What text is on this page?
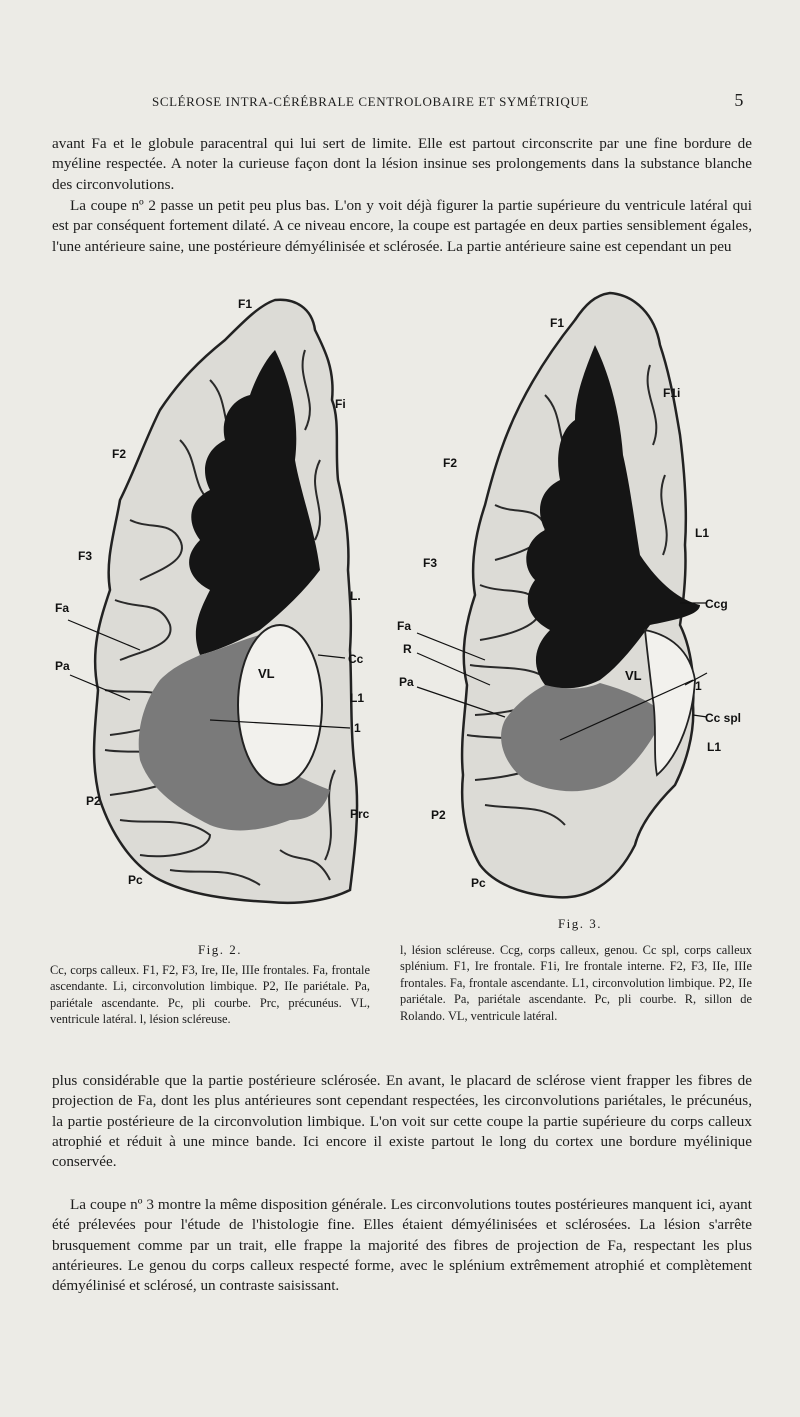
SCLÉROSE INTRA-CÉRÉBRALE CENTROLOBAIRE ET SYMÉTRIQUE	5

avant Fa et le globule paracentral qui lui sert de limite. Elle est partout circonscrite par une fine bordure de myéline respectée. A noter la curieuse façon dont la lésion insinue ses prolongements dans la substance blanche des circonvolutions.

La coupe nº 2 passe un petit peu plus bas. L'on y voit déjà figurer la partie supérieure du ventricule latéral qui est par conséquent fortement dilaté. A ce niveau encore, la coupe est partagée en deux parties sensiblement égales, l'une antérieure saine, une postérieure démyélinisée et sclérosée. La partie antérieure saine est cependant un peu

F1
Fi
F2
F3
Fa
Pa
L.
Cc
VL
L1
1
P2
Prc
Pc
F1
F1i
F2
F3
L1
Ccg
Fa
R
Pa	VL
1
Cc spl
L1
P2
Pc
Fig. 3.
Fig. 2.

Cc, corps calleux. F1, F2, F3, Ire, IIe, IIIe frontales. Fa, frontale ascendante. Li, circonvolution limbique. P2, IIe pariétale. Pa, pariétale ascendante. Pc, pli courbe. Prc, précunéus. VL, ventricule latéral. l, lésion scléreuse.

l, lésion scléreuse. Ccg, corps calleux, genou. Cc spl, corps calleux splénium. F1, Ire frontale. F1i, Ire frontale interne. F2, F3, IIe, IIIe frontales. Fa, frontale ascendante. L1, circonvolution limbique. P2, IIe pariétale. Pa, pariétale ascendante. Pc, pli courbe. R, sillon de Rolando. VL, ventricule latéral.

plus considérable que la partie postérieure sclérosée. En avant, le placard de sclérose vient frapper les fibres de projection de Fa, dont les plus antérieures sont cependant respectées, les circonvolutions pariétales, le précunéus, la partie postérieure de la circonvolution limbique. L'on voit sur cette coupe la partie supérieure du corps calleux atrophié et réduit à une mince bande. Ici encore il existe partout le long du cortex une bordure myélinique conservée.

La coupe nº 3 montre la même disposition générale. Les circonvolutions toutes postérieures manquent ici, ayant été prélevées pour l'étude de l'histologie fine. Elles étaient démyélinisées et sclérosées. La lésion s'arrête brusquement comme par un trait, elle frappe la majorité des fibres de projection de Fa, respectant les plus antérieures. Le genou du corps calleux respecté forme, avec le splénium extrêmement atrophié et complètement démyélinisé et sclérosé, un contraste saisissant.
